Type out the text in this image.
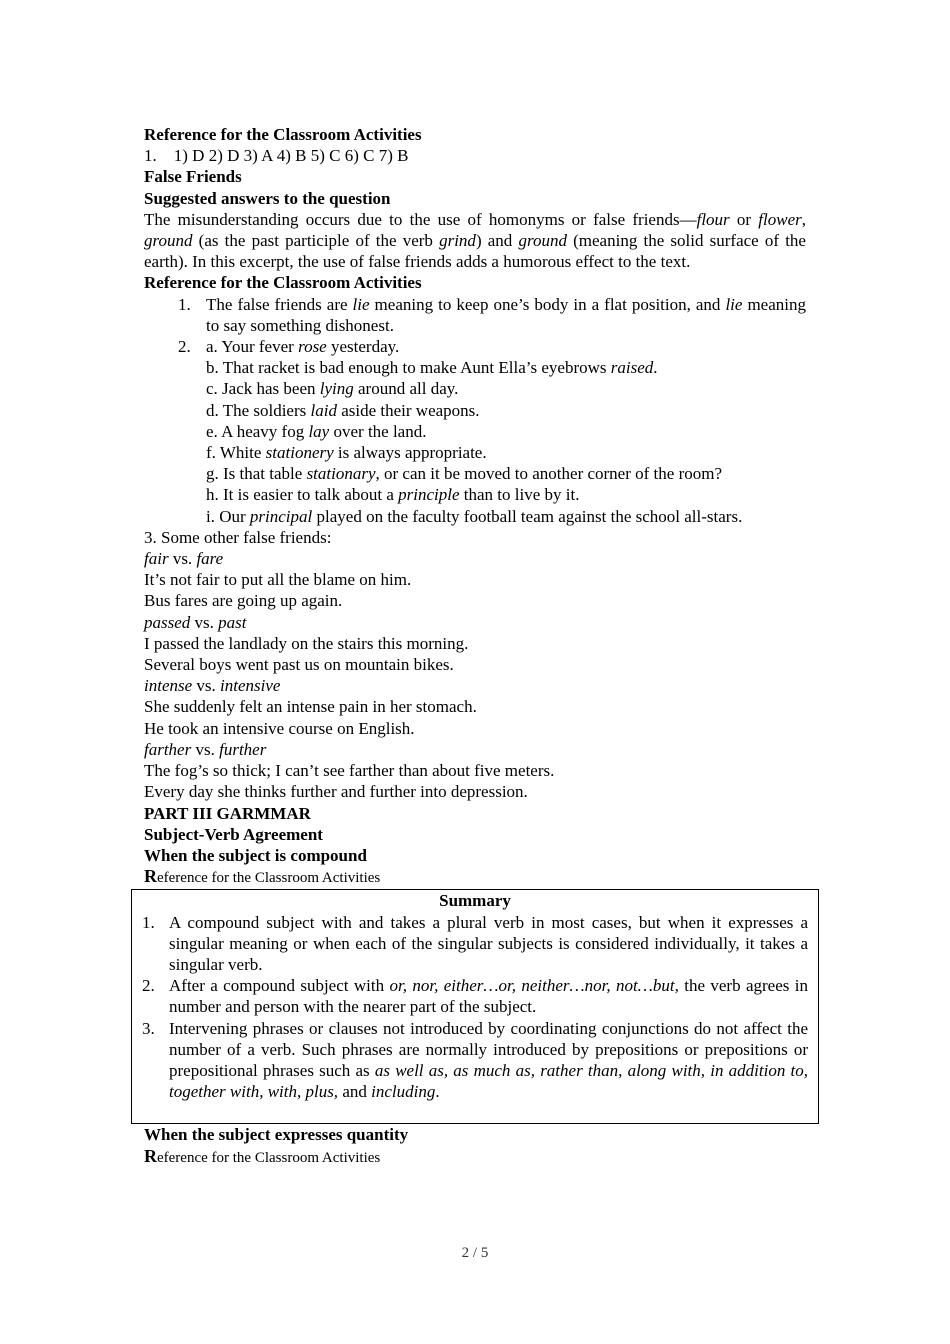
Reference for the Classroom Activities

1. 1) D 2) D 3) A 4) B 5) C 6) C 7) B

False Friends

Suggested answers to the question

The misunderstanding occurs due to the use of homonyms or false friends—flour or flower, ground (as the past participle of the verb grind) and ground (meaning the solid surface of the earth). In this excerpt, the use of false friends adds a humorous effect to the text.

Reference for the Classroom Activities

1. The false friends are lie meaning to keep one’s body in a flat position, and lie meaning to say something dishonest.

2. a. Your fever rose yesterday.

b. That racket is bad enough to make Aunt Ella’s eyebrows raised.

c. Jack has been lying around all day.

d. The soldiers laid aside their weapons.

e. A heavy fog lay over the land.

f. White stationery is always appropriate.

g. Is that table stationary, or can it be moved to another corner of the room?

h. It is easier to talk about a principle than to live by it.

i. Our principal played on the faculty football team against the school all-stars.

3. Some other false friends:

fair vs. fare

It’s not fair to put all the blame on him.

Bus fares are going up again.

passed vs. past

I passed the landlady on the stairs this morning.

Several boys went past us on mountain bikes.

intense vs. intensive

She suddenly felt an intense pain in her stomach.

He took an intensive course on English.

farther vs. further

The fog’s so thick; I can’t see farther than about five meters.

Every day she thinks further and further into depression.

PART III GARMMAR

Subject-Verb Agreement

When the subject is compound

Reference for the Classroom Activities

Summary

1. A compound subject with and takes a plural verb in most cases, but when it expresses a singular meaning or when each of the singular subjects is considered individually, it takes a singular verb.

2. After a compound subject with or, nor, either…or, neither…nor, not…but, the verb agrees in number and person with the nearer part of the subject.

3. Intervening phrases or clauses not introduced by coordinating conjunctions do not affect the number of a verb. Such phrases are normally introduced by prepositions or prepositions or prepositional phrases such as as well as, as much as, rather than, along with, in addition to, together with, with, plus, and including.

When the subject expresses quantity

Reference for the Classroom Activities

2 / 5
